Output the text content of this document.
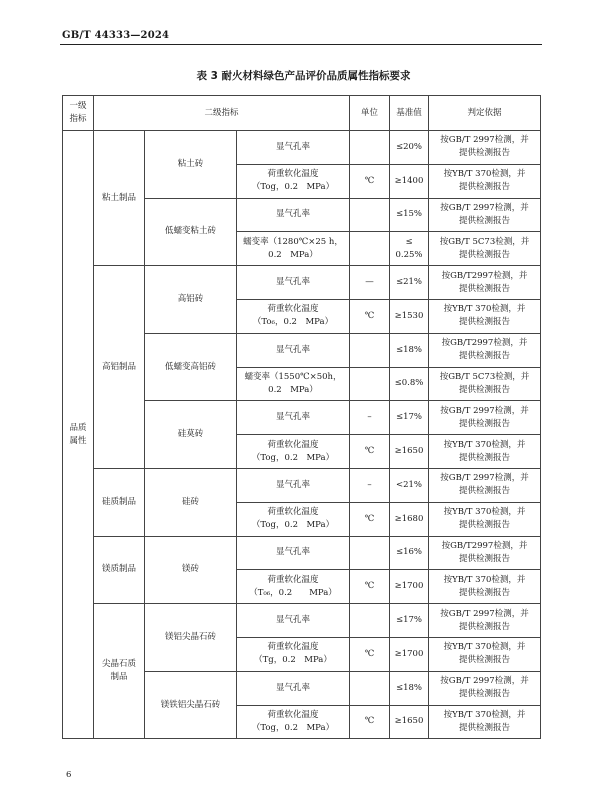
GB/T 44333—2024
表 3 耐火材料绿色产品评价品质属性指标要求
一级
指标	二级指标			单位	基准值	判定依据
品质
属性	粘土制品	粘土砖	显气孔率		≤20%	按GB/T 2997检测，并
提供检测报告
			荷重软化温度
（Tog，0.2　MPa）	℃	≥1400	按YB/T 370检测，并
提供检测报告
		低蠕变粘土砖	显气孔率		≤15%	按GB/T 2997检测，并
提供检测报告
			蠕变率（1280℃×25 h，
0.2　MPa）		≤
0.25%	按GB/T 5C73检测，并
提供检测报告
	高铝制品	高铝砖	显气孔率	—	≤21%	按GB/T2997检测，并
提供检测报告
			荷重软化温度
（To₆，0.2　MPa）	℃	≥1530	按YB/T 370检测，并
提供检测报告
		低蠕变高铝砖	显气孔率		≤18%	按GB/T2997检测，并
提供检测报告
			蠕变率（1550℃×50h，
0.2　MPa）		≤0.8%	按GB/T 5C73检测，并
提供检测报告
		硅莫砖	显气孔率	–	≤17%	按GB/T 2997检测，并
提供检测报告
			荷重软化温度
（Tog，0.2　MPa）	℃	≥1650	按YB/T 370检测，并
提供检测报告
	硅质制品	硅砖	显气孔率	–	<21%	按GB/T 2997检测，并
提供检测报告
			荷重软化温度
（Tog，0.2　MPa）	℃	≥1680	按YB/T 370检测，并
提供检测报告
	镁质制品	镁砖	显气孔率		≤16%	按GB/T2997检测，并
提供检测报告
			荷重软化温度
（T₀₆，0.2　　MPa）	℃	≥1700	按YB/T 370检测，并
提供检测报告
	尖晶石质
制品	镁铝尖晶石砖	显气孔率		≤17%	按GB/T 2997检测，并
提供检测报告
			荷重软化温度
（Tg，0.2　MPa）	℃	≥1700	按YB/T 370检测，并
提供检测报告
		镁铁铝尖晶石砖	显气孔率		≤18%	按GB/T 2997检测，并
提供检测报告
			荷重软化温度
（Tog，0.2　MPa）	℃	≥1650	按YB/T 370检测，并
提供检测报告
6
